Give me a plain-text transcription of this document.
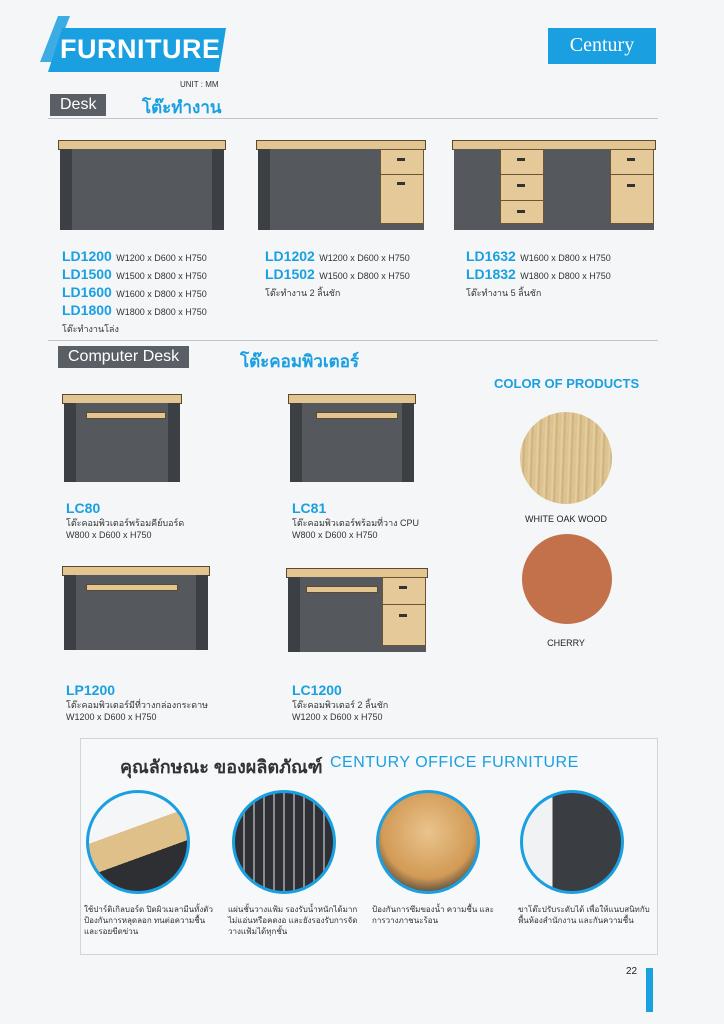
FURNITURE	Century
UNIT : MM
Desk	โต๊ะทำงาน
LD1200 W1200 x D600 x H750
LD1500 W1500 x D800 x H750
LD1600 W1600 x D800 x H750
LD1800 W1800 x D800 x H750
โต๊ะทำงานโล่ง
LD1202 W1200 x D600 x H750
LD1502 W1500 x D800 x H750
โต๊ะทำงาน 2 ลิ้นชัก
LD1632 W1600 x D800 x H750
LD1832 W1800 x D800 x H750
โต๊ะทำงาน 5 ลิ้นชัก
Computer Desk	โต๊ะคอมพิวเตอร์
LC80
โต๊ะคอมพิวเตอร์พร้อมคีย์บอร์ด
W800 x D600 x H750
LC81
โต๊ะคอมพิวเตอร์พร้อมที่วาง CPU
W800 x D600 x H750
LP1200
โต๊ะคอมพิวเตอร์มีที่วางกล่องกระดาษ
W1200 x D600 x H750
LC1200
โต๊ะคอมพิวเตอร์ 2 ลิ้นชัก
W1200 x D600 x H750
COLOR OF PRODUCTS
WHITE OAK WOOD
CHERRY
คุณลักษณะ ของผลิตภัณฑ์ CENTURY OFFICE FURNITURE
ใช้ปาร์ติเกิลบอร์ด ปิดผิวเมลามีนทั้งตัว ป้องกันการหลุดลอก ทนต่อความชื้นและรอยขีดข่วน
แผ่นชั้นวางแฟ้ม รองรับน้ำหนักได้มาก ไม่แอ่นหรือคดงอ และยังรองรับการจัดวางแฟ้มได้ทุกชั้น
ป้องกันการซึมของน้ำ ความชื้น และการวางภาชนะร้อน
ขาโต๊ะปรับระดับได้ เพื่อให้แนบสนิทกับพื้นห้องสำนักงาน และกันความชื้น
22
